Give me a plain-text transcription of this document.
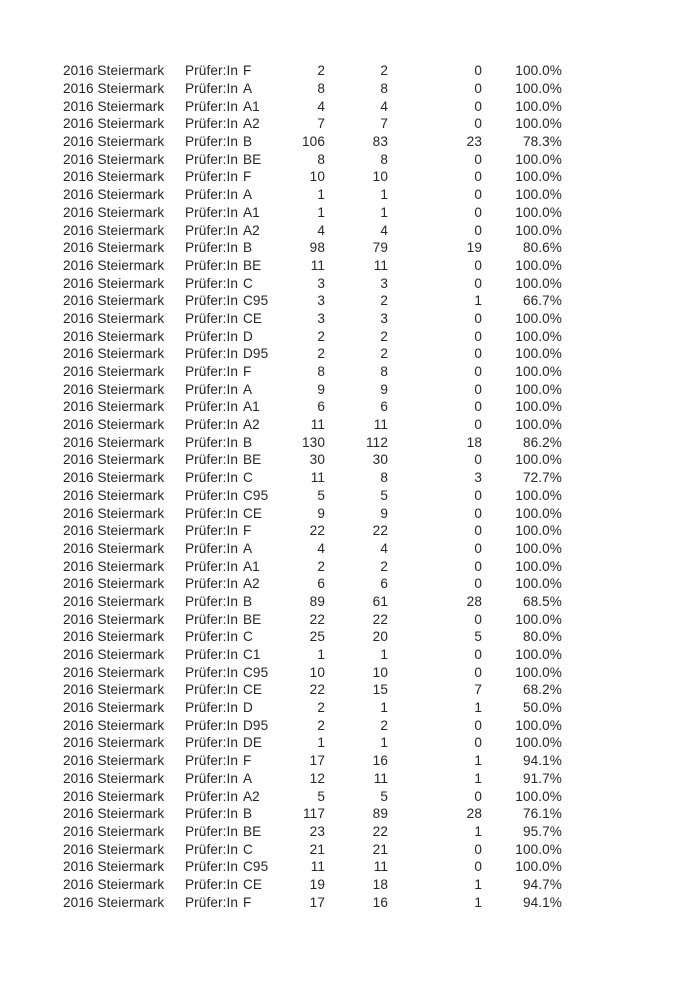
2016 Steiermark	Prüfer:In F	2	2	0	100.0%
2016 Steiermark	Prüfer:In A	8	8	0	100.0%
2016 Steiermark	Prüfer:In A1	4	4	0	100.0%
2016 Steiermark	Prüfer:In A2	7	7	0	100.0%
2016 Steiermark	Prüfer:In B	106	83	23	78.3%
2016 Steiermark	Prüfer:In BE	8	8	0	100.0%
2016 Steiermark	Prüfer:In F	10	10	0	100.0%
2016 Steiermark	Prüfer:In A	1	1	0	100.0%
2016 Steiermark	Prüfer:In A1	1	1	0	100.0%
2016 Steiermark	Prüfer:In A2	4	4	0	100.0%
2016 Steiermark	Prüfer:In B	98	79	19	80.6%
2016 Steiermark	Prüfer:In BE	11	11	0	100.0%
2016 Steiermark	Prüfer:In C	3	3	0	100.0%
2016 Steiermark	Prüfer:In C95	3	2	1	66.7%
2016 Steiermark	Prüfer:In CE	3	3	0	100.0%
2016 Steiermark	Prüfer:In D	2	2	0	100.0%
2016 Steiermark	Prüfer:In D95	2	2	0	100.0%
2016 Steiermark	Prüfer:In F	8	8	0	100.0%
2016 Steiermark	Prüfer:In A	9	9	0	100.0%
2016 Steiermark	Prüfer:In A1	6	6	0	100.0%
2016 Steiermark	Prüfer:In A2	11	11	0	100.0%
2016 Steiermark	Prüfer:In B	130	112	18	86.2%
2016 Steiermark	Prüfer:In BE	30	30	0	100.0%
2016 Steiermark	Prüfer:In C	11	8	3	72.7%
2016 Steiermark	Prüfer:In C95	5	5	0	100.0%
2016 Steiermark	Prüfer:In CE	9	9	0	100.0%
2016 Steiermark	Prüfer:In F	22	22	0	100.0%
2016 Steiermark	Prüfer:In A	4	4	0	100.0%
2016 Steiermark	Prüfer:In A1	2	2	0	100.0%
2016 Steiermark	Prüfer:In A2	6	6	0	100.0%
2016 Steiermark	Prüfer:In B	89	61	28	68.5%
2016 Steiermark	Prüfer:In BE	22	22	0	100.0%
2016 Steiermark	Prüfer:In C	25	20	5	80.0%
2016 Steiermark	Prüfer:In C1	1	1	0	100.0%
2016 Steiermark	Prüfer:In C95	10	10	0	100.0%
2016 Steiermark	Prüfer:In CE	22	15	7	68.2%
2016 Steiermark	Prüfer:In D	2	1	1	50.0%
2016 Steiermark	Prüfer:In D95	2	2	0	100.0%
2016 Steiermark	Prüfer:In DE	1	1	0	100.0%
2016 Steiermark	Prüfer:In F	17	16	1	94.1%
2016 Steiermark	Prüfer:In A	12	11	1	91.7%
2016 Steiermark	Prüfer:In A2	5	5	0	100.0%
2016 Steiermark	Prüfer:In B	117	89	28	76.1%
2016 Steiermark	Prüfer:In BE	23	22	1	95.7%
2016 Steiermark	Prüfer:In C	21	21	0	100.0%
2016 Steiermark	Prüfer:In C95	11	11	0	100.0%
2016 Steiermark	Prüfer:In CE	19	18	1	94.7%
2016 Steiermark	Prüfer:In F	17	16	1	94.1%
